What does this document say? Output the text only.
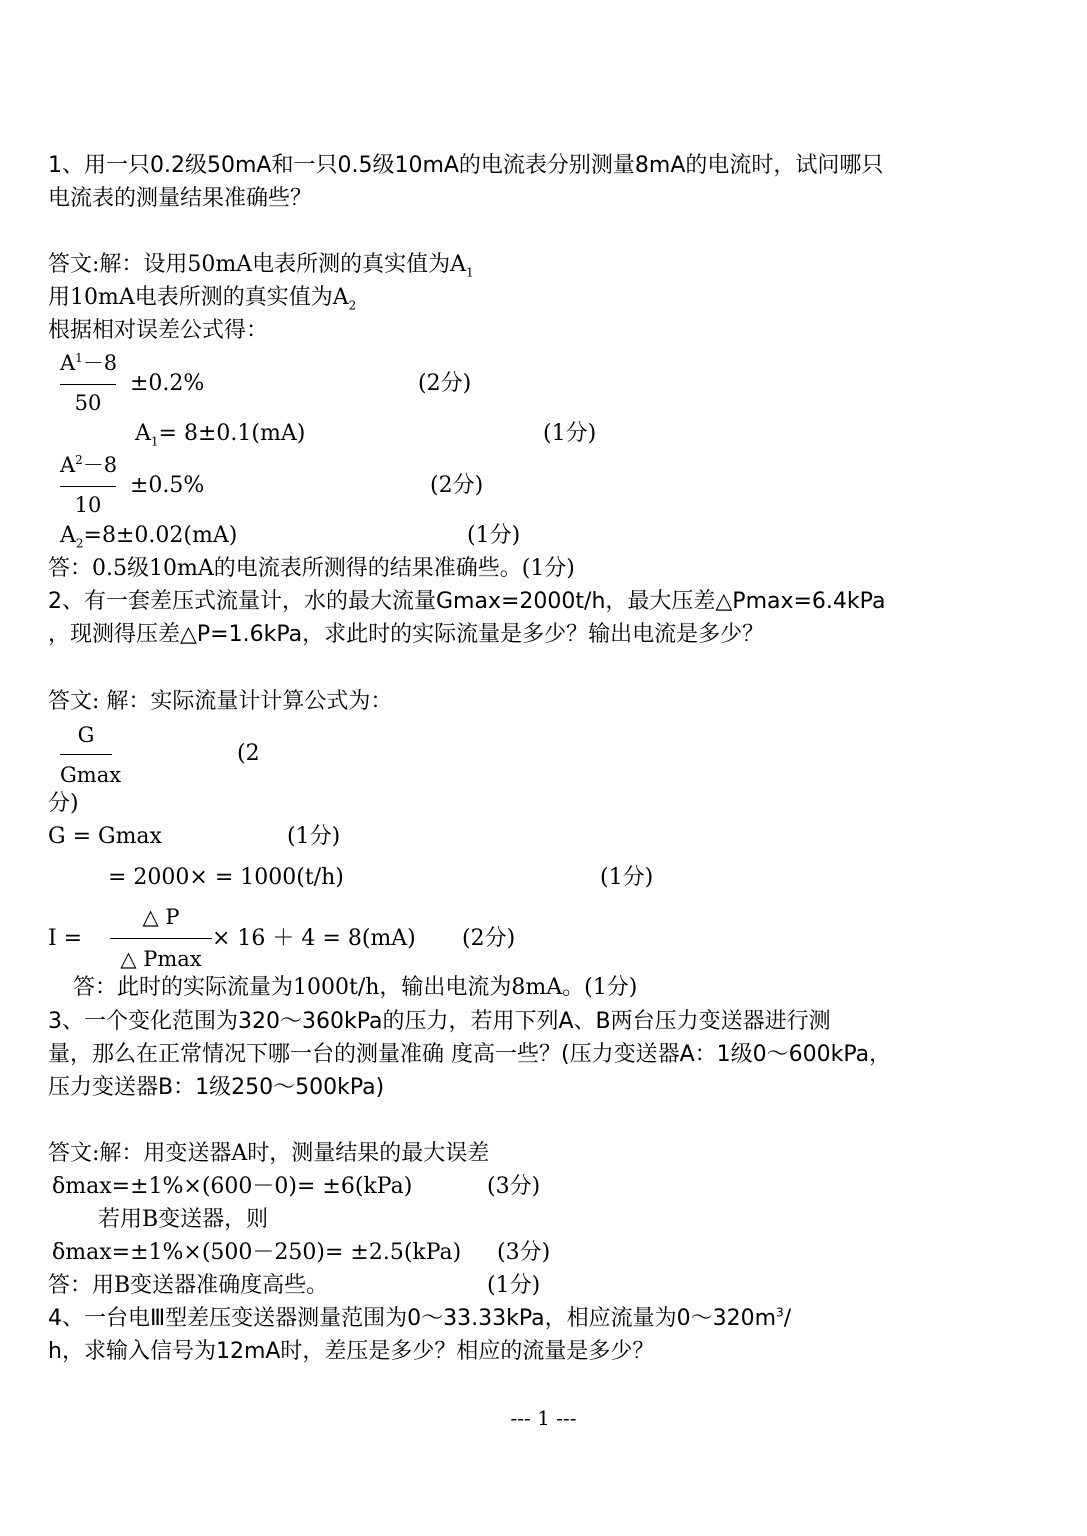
1、用一只0.2级50mA和一只0.5级10mA的电流表分别测量8mA的电流时，试问哪只
电流表的测量结果准确些？
答文:解：设用50mA电表所测的真实值为$A_1$
用10mA电表所测的真实值为$A_2$
根据相对误差公式得：
$A^1-8$
50
±0.2%	(2分)
$A_1= 8\pm 0.1(mA)$	(1分)
$A^2-8$
10
±0.5%	(2分)
$A_2=8\pm 0.02(mA)$	(1分)
答：0.5级10mA的电流表所测得的结果准确些。(1分)
2、有一套差压式流量计，水的最大流量Gmax=2000t/h，最大压差△Pmax=6.4kPa
，现测得压差△P=1.6kPa，求此时的实际流量是多少？输出电流是多少？
答文: 解：实际流量计计算公式为：
G
Gmax
(2
分)
G = Gmax	(1分)
= 2000× = 1000(t/h)	(1分)
I =
△ P
△ Pmax
× 16 ＋ 4 = 8(mA) (2分)
答：此时的实际流量为1000t/h，输出电流为8mA。(1分)
3、一个变化范围为320～360kPa的压力，若用下列A、B两台压力变送器进行测
量，那么在正常情况下哪一台的测量准确 度高一些？(压力变送器A：1级0～600kPa，
压力变送器B：1级250～500kPa)
答文:解：用变送器A时，测量结果的最大误差
δmax=±1%×(600－0)= ±6(kPa)	(3分)
若用B变送器，则
δmax=±1%×(500－250)= ±2.5(kPa) (3分)
答：用B变送器准确度高些。	(1分)
4、一台电Ⅲ型差压变送器测量范围为0～33.33kPa，相应流量为$0\sim 320m^3/$
h，求输入信号为12mA时，差压是多少？相应的流量是多少？
--- 1 ---
